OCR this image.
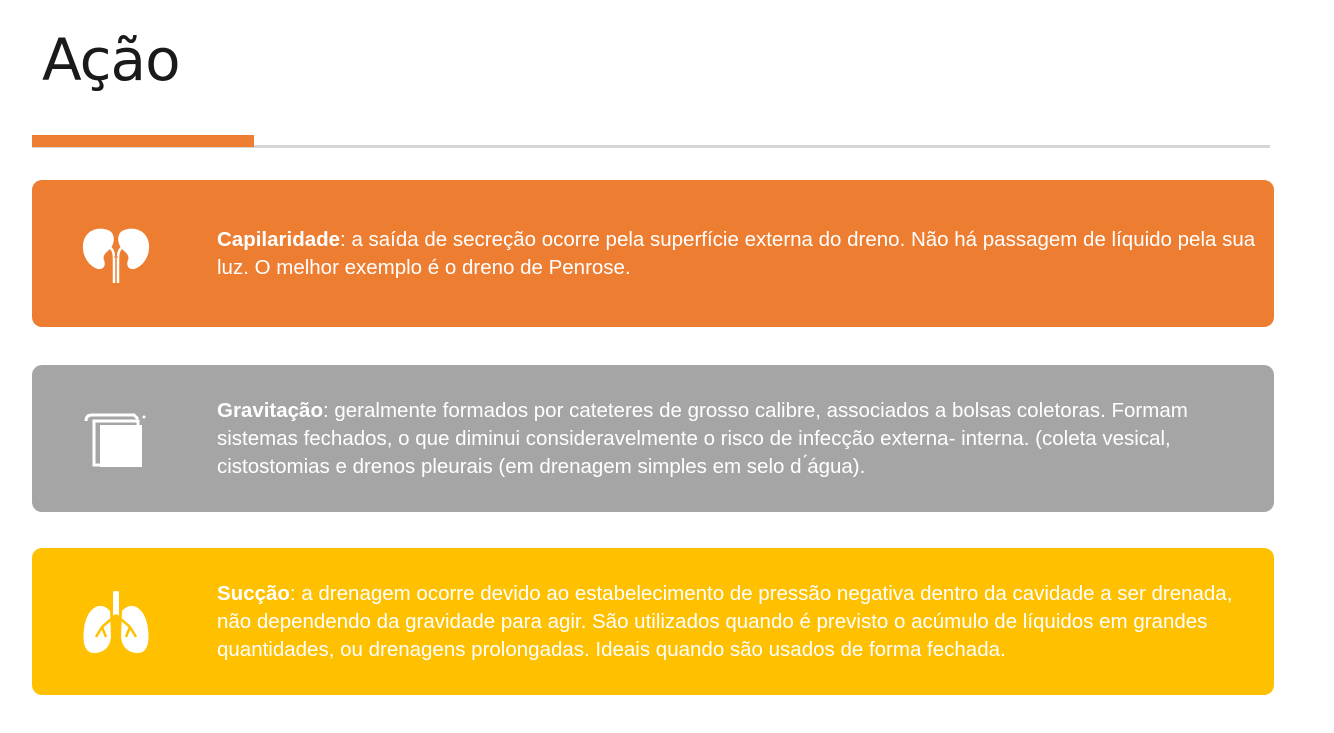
Ação

Capilaridade: a saída de secreção ocorre pela superfície externa do dreno. Não há passagem de líquido pela sua luz. O melhor exemplo é o dreno de Penrose.

Gravitação: geralmente formados por cateteres de grosso calibre, associados a bolsas coletoras. Formam sistemas fechados, o que diminui consideravelmente o risco de infecção externa- interna. (coleta vesical, cistostomias e drenos pleurais (em drenagem simples em selo d ́água).

Sucção: a drenagem ocorre devido ao estabelecimento de pressão negativa dentro da cavidade a ser drenada, não dependendo da gravidade para agir. São utilizados quando é previsto o acúmulo de líquidos em grandes quantidades, ou drenagens prolongadas. Ideais quando são usados de forma fechada.
